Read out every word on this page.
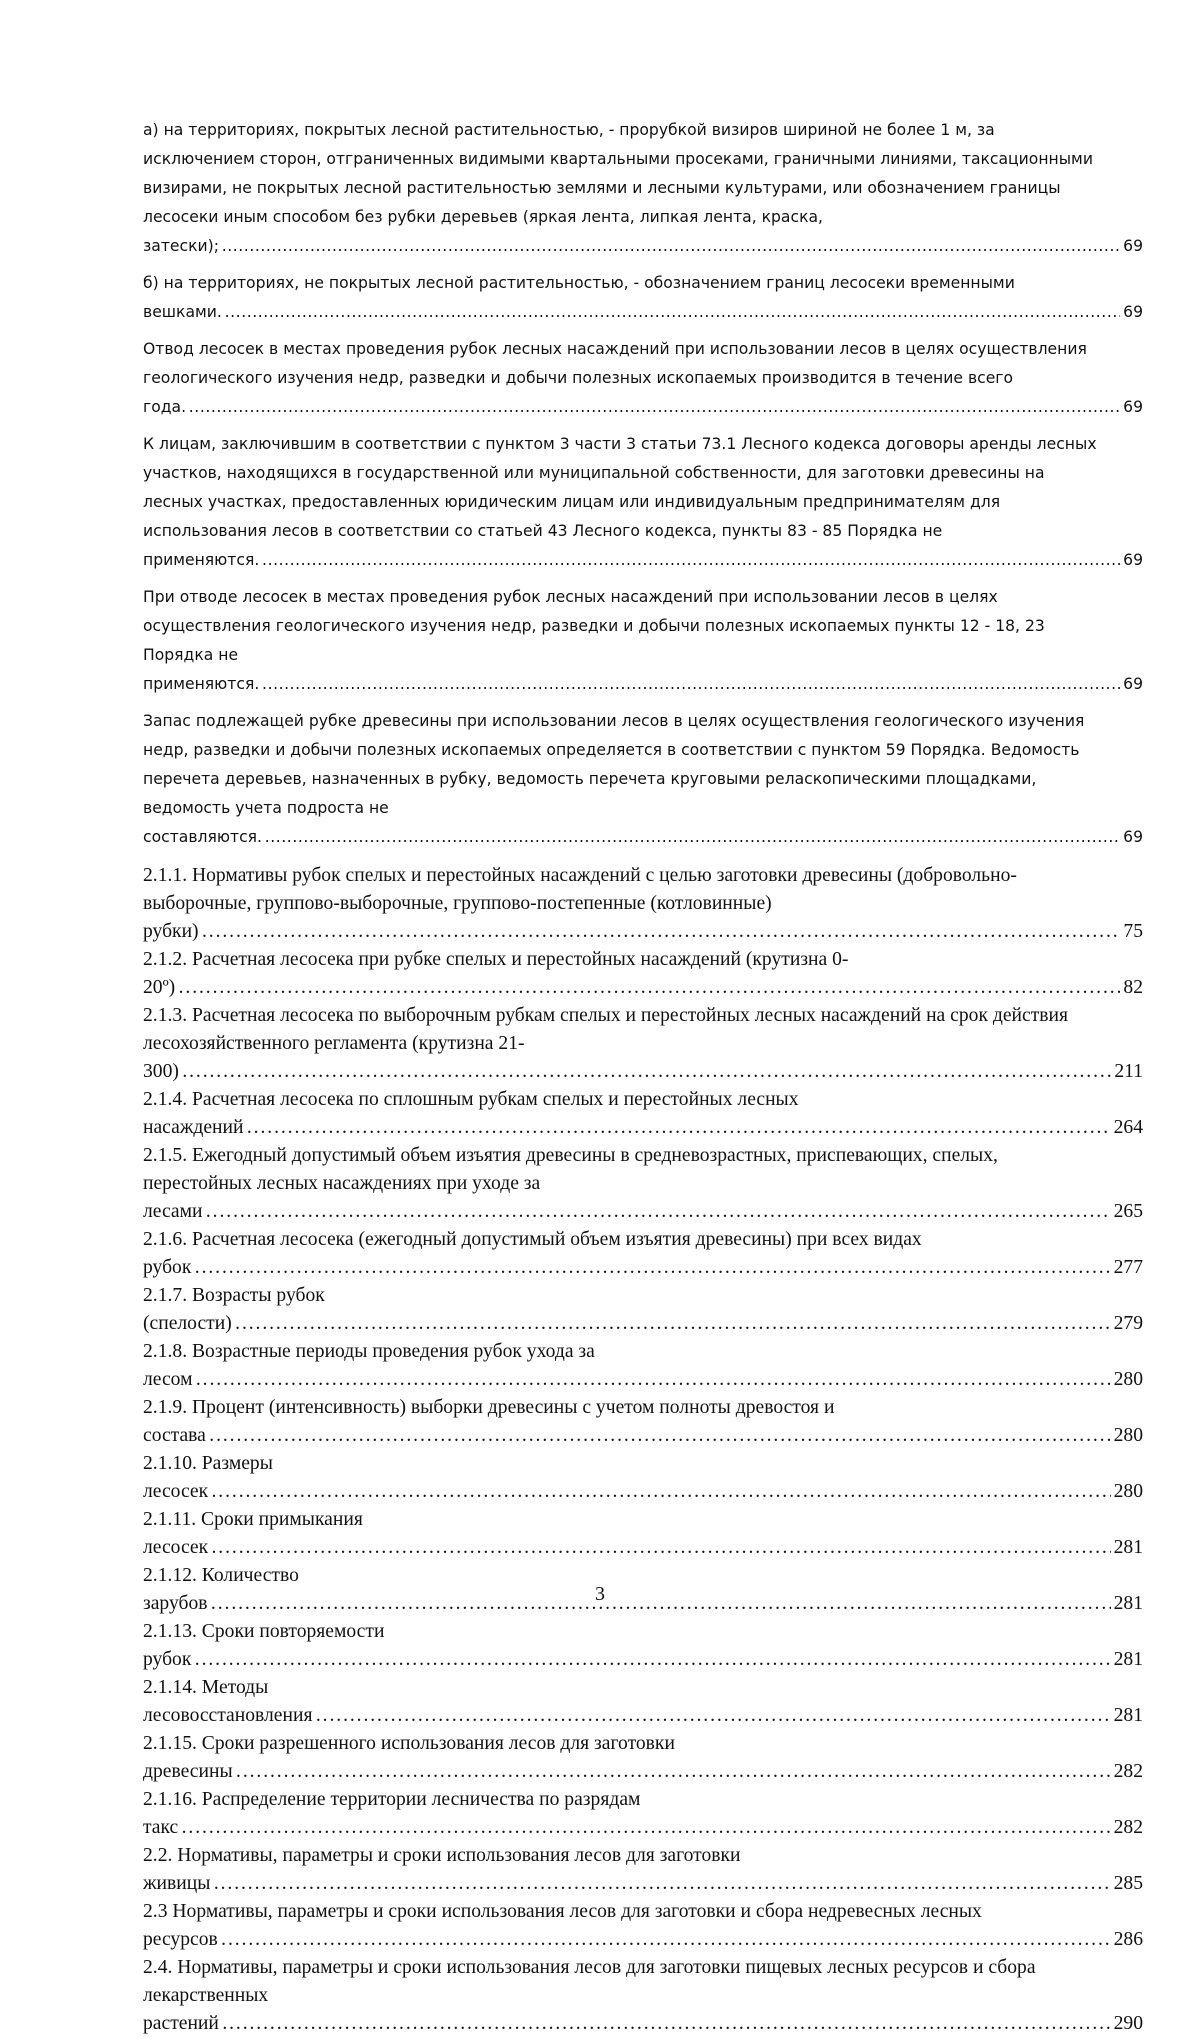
а) на территориях, покрытых лесной растительностью, - прорубкой визиров шириной не более 1 м, за исключением сторон, отграниченных видимыми квартальными просеками, граничными линиями, таксационными визирами, не покрытых лесной растительностью землями и лесными культурами, или обозначением границы лесосеки иным способом без рубки деревьев (яркая лента, липкая лента, краска, затески); . . .	69
б) на территориях, не покрытых лесной растительностью, - обозначением границ лесосеки временными вешками. . . .	69
Отвод лесосек в местах проведения рубок лесных насаждений при использовании лесов в целях осуществления геологического изучения недр, разведки и добычи полезных ископаемых производится в течение всего года. . . .	69
К лицам, заключившим в соответствии с пунктом 3 части 3 статьи 73.1 Лесного кодекса договоры аренды лесных участков, находящихся в государственной или муниципальной собственности, для заготовки древесины на лесных участках, предоставленных юридическим лицам или индивидуальным предпринимателям для использования лесов в соответствии со статьей 43 Лесного кодекса, пункты 83 - 85 Порядка не применяются. . . .	69
При отводе лесосек в местах проведения рубок лесных насаждений при использовании лесов в целях осуществления геологического изучения недр, разведки и добычи полезных ископаемых пункты 12 - 18, 23 Порядка не применяются. . . .	69
Запас подлежащей рубке древесины при использовании лесов в целях осуществления геологического изучения недр, разведки и добычи полезных ископаемых определяется в соответствии с пунктом 59 Порядка. Ведомость перечета деревьев, назначенных в рубку, ведомость перечета круговыми реласкопическими площадками, ведомость учета подроста не составляются. . . .	69
2.1.1. Нормативы рубок спелых и перестойных насаждений с целью заготовки древесины (добровольно-выборочные, группово-выборочные, группово-постепенные (котловинные) рубки) . . .	75
2.1.2. Расчетная лесосека при рубке спелых и перестойных насаждений (крутизна 0-20º) . . .	82
2.1.3. Расчетная лесосека по выборочным рубкам спелых и перестойных лесных насаждений на срок действия лесохозяйственного регламента (крутизна 21-300) . . .	211
2.1.4. Расчетная лесосека по сплошным рубкам спелых и перестойных лесных насаждений . . .	264
2.1.5. Ежегодный допустимый объем изъятия древесины в средневозрастных, приспевающих, спелых, перестойных лесных насаждениях при уходе за лесами . . .	265
2.1.6. Расчетная лесосека (ежегодный допустимый объем изъятия древесины) при всех видах рубок . . .	277
2.1.7. Возрасты рубок (спелости) . . .	279
2.1.8. Возрастные периоды проведения рубок ухода за лесом . . .	280
2.1.9. Процент (интенсивность) выборки древесины с учетом полноты древостоя и состава . . .	280
2.1.10. Размеры лесосек . . .	280
2.1.11. Сроки примыкания лесосек . . .	281
2.1.12. Количество зарубов . . .	281
2.1.13. Сроки повторяемости рубок . . .	281
2.1.14. Методы лесовосстановления . . .	281
2.1.15. Сроки разрешенного использования лесов для заготовки древесины . . .	282
2.1.16. Распределение территории лесничества по разрядам такс . . .	282
2.2. Нормативы, параметры и сроки использования лесов для заготовки живицы . . .	285
2.3 Нормативы, параметры и сроки использования лесов для заготовки и сбора недревесных лесных ресурсов . . .	286
2.4. Нормативы, параметры и сроки использования лесов для заготовки пищевых лесных ресурсов и сбора лекарственных растений . . .	290
3
